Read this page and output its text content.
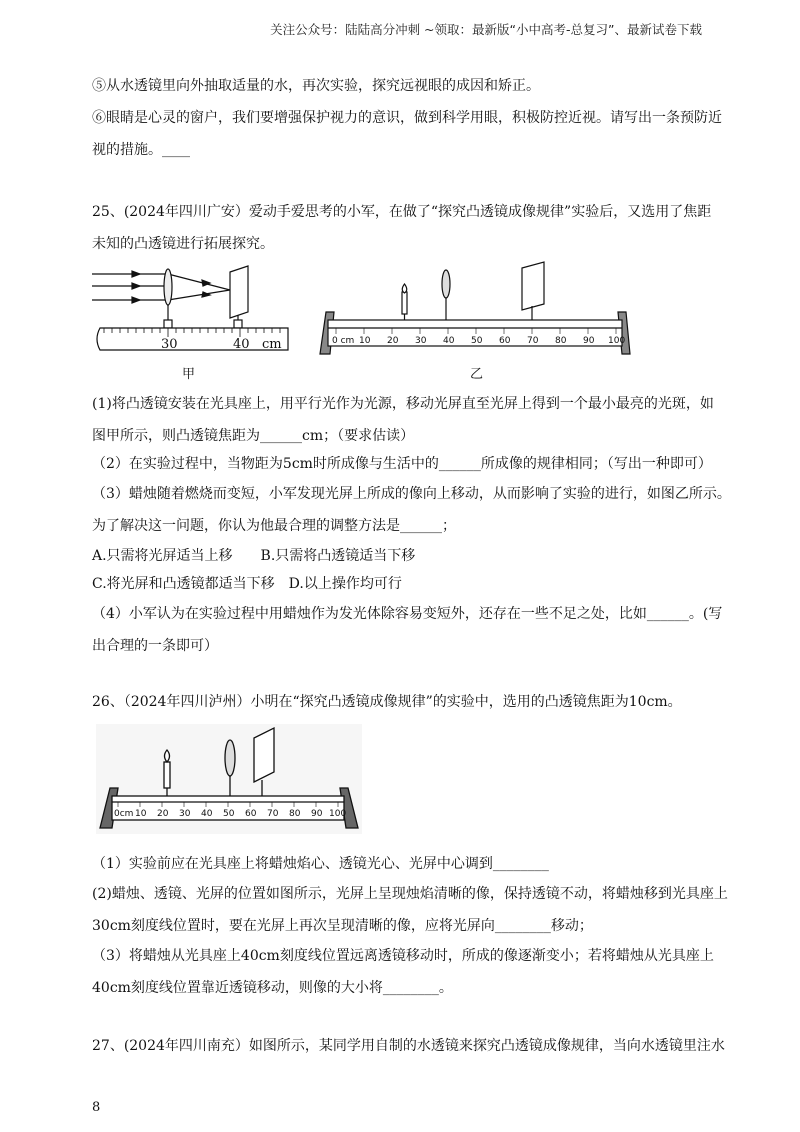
关注公众号：陆陆高分冲刺 ~领取：最新版“小中高考-总复习”、最新试卷下载
⑤从水透镜里向外抽取适量的水，再次实验，探究远视眼的成因和矫正。
⑥眼睛是心灵的窗户，我们要增强保护视力的意识，做到科学用眼，积极防控近视。请写出一条预防近
视的措施。____
25、(2024年四川广安）爱动手爱思考的小军，在做了“探究凸透镜成像规律”实验后，又选用了焦距
未知的凸透镜进行拓展探究。
30	40 cm
甲
0 cm 10 20 30 40 50 60 70 80 90 100
乙
(1)将凸透镜安装在光具座上，用平行光作为光源，移动光屏直至光屏上得到一个最小最亮的光斑，如
图甲所示，则凸透镜焦距为______cm；（要求估读）
（2）在实验过程中，当物距为5cm时所成像与生活中的______所成像的规律相同；（写出一种即可）
（3）蜡烛随着燃烧而变短，小军发现光屏上所成的像向上移动，从而影响了实验的进行，如图乙所示。
为了解决这一问题，你认为他最合理的调整方法是______；
A.只需将光屏适当上移　　B.只需将凸透镜适当下移
C.将光屏和凸透镜都适当下移　D.以上操作均可行
（4）小军认为在实验过程中用蜡烛作为发光体除容易变短外，还存在一些不足之处，比如______。(写
出合理的一条即可）
26、（2024年四川泸州）小明在“探究凸透镜成像规律”的实验中，选用的凸透镜焦距为10cm。
0cm 10 20 30 40 50 60 70 80 90 100
（1）实验前应在光具座上将蜡烛焰心、透镜光心、光屏中心调到________
(2)蜡烛、透镜、光屏的位置如图所示，光屏上呈现烛焰清晰的像，保持透镜不动，将蜡烛移到光具座上
30cm刻度线位置时，要在光屏上再次呈现清晰的像，应将光屏向________移动；
（3）将蜡烛从光具座上40cm刻度线位置远离透镜移动时，所成的像逐渐变小；若将蜡烛从光具座上
40cm刻度线位置靠近透镜移动，则像的大小将________。
27、(2024年四川南充）如图所示，某同学用自制的水透镜来探究凸透镜成像规律，当向水透镜里注水
8
